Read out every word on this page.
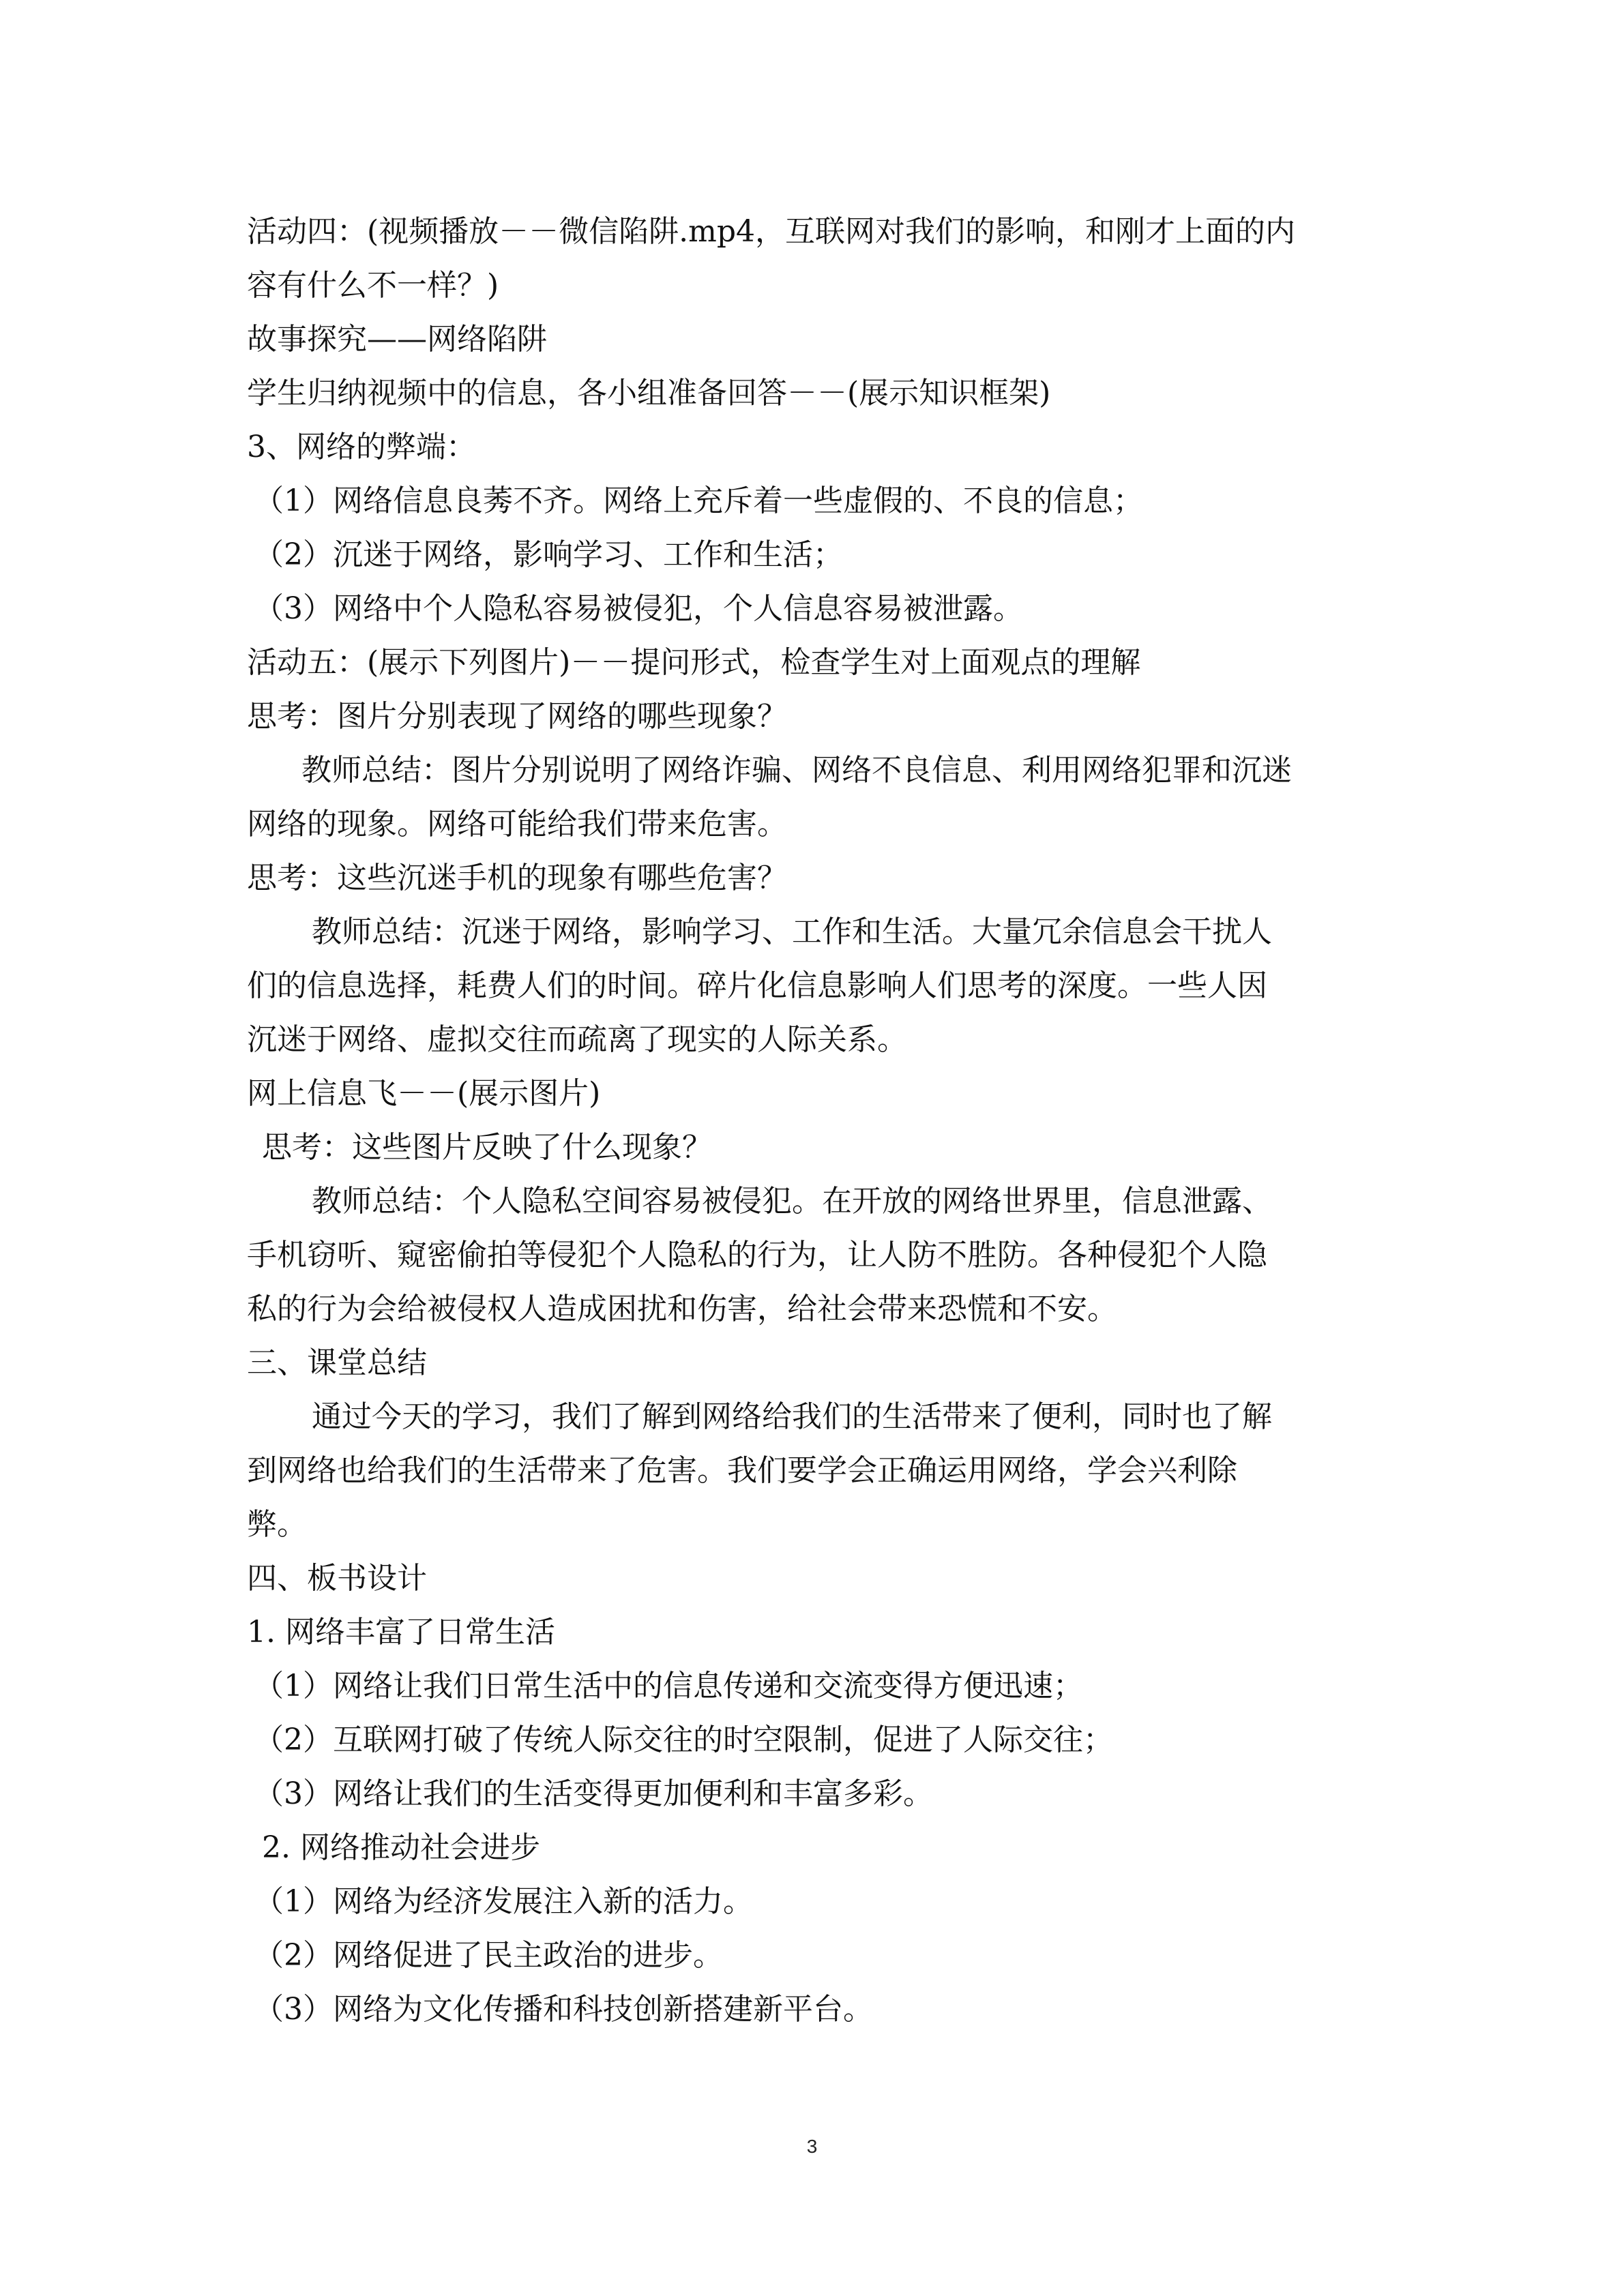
活动四：(视频播放－－微信陷阱.mp4，互联网对我们的影响，和刚才上面的内
容有什么不一样？)
故事探究——网络陷阱
学生归纳视频中的信息，各小组准备回答－－(展示知识框架)
3、网络的弊端：
（1）网络信息良莠不齐。网络上充斥着一些虚假的、不良的信息；
（2）沉迷于网络，影响学习、工作和生活；
（3）网络中个人隐私容易被侵犯，个人信息容易被泄露。
活动五：(展示下列图片)－－提问形式，检查学生对上面观点的理解
思考：图片分别表现了网络的哪些现象？
教师总结：图片分别说明了网络诈骗、网络不良信息、利用网络犯罪和沉迷
网络的现象。网络可能给我们带来危害。
思考：这些沉迷手机的现象有哪些危害？
教师总结：沉迷于网络，影响学习、工作和生活。大量冗余信息会干扰人
们的信息选择，耗费人们的时间。碎片化信息影响人们思考的深度。一些人因
沉迷于网络、虚拟交往而疏离了现实的人际关系。
网上信息飞－－(展示图片)
思考：这些图片反映了什么现象？
教师总结：个人隐私空间容易被侵犯。在开放的网络世界里，信息泄露、
手机窃听、窥密偷拍等侵犯个人隐私的行为，让人防不胜防。各种侵犯个人隐
私的行为会给被侵权人造成困扰和伤害，给社会带来恐慌和不安。
三、课堂总结
通过今天的学习，我们了解到网络给我们的生活带来了便利，同时也了解
到网络也给我们的生活带来了危害。我们要学会正确运用网络，学会兴利除
弊。
四、板书设计
1. 网络丰富了日常生活
（1）网络让我们日常生活中的信息传递和交流变得方便迅速；
（2）互联网打破了传统人际交往的时空限制，促进了人际交往；
（3）网络让我们的生活变得更加便利和丰富多彩。
2. 网络推动社会进步
（1）网络为经济发展注入新的活力。
（2）网络促进了民主政治的进步。
（3）网络为文化传播和科技创新搭建新平台。
3
